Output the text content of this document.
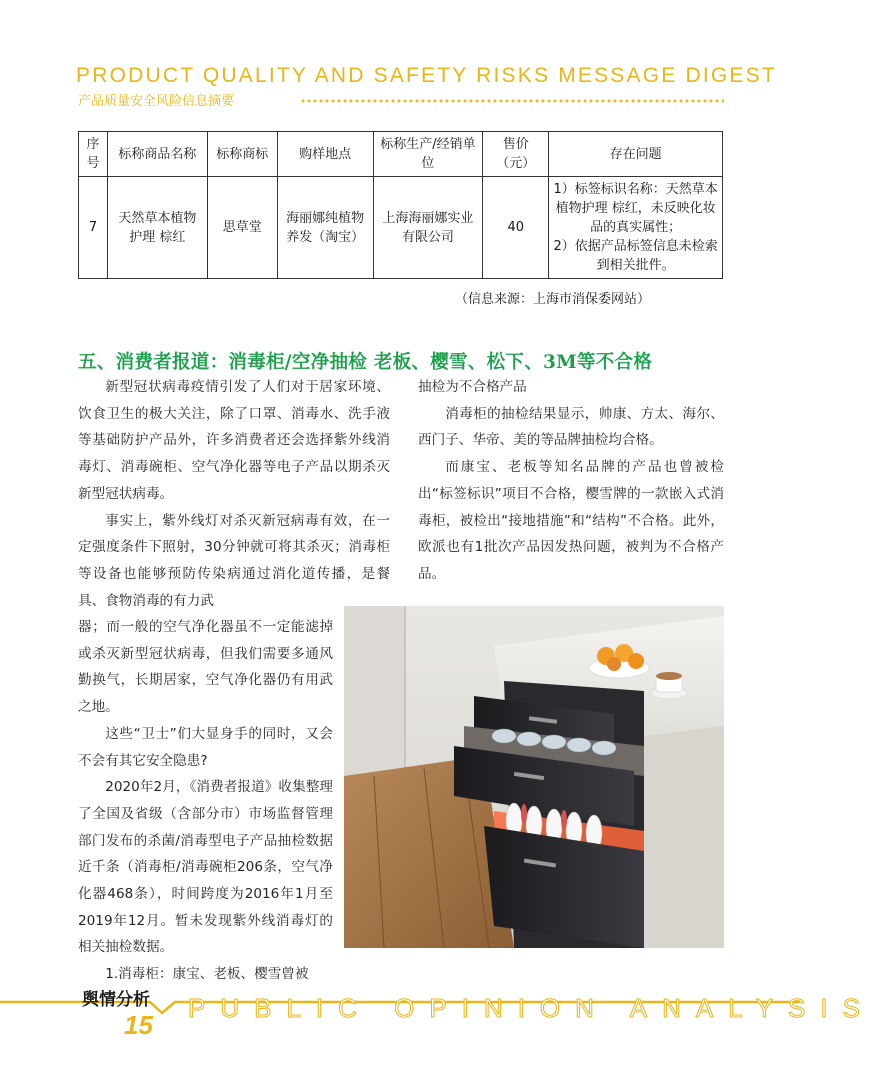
PRODUCT QUALITY AND SAFETY RISKS MESSAGE DIGEST
产品质量安全风险信息摘要
序号	标称商品名称	标称商标	购样地点	标称生产/经销单位	售价（元）	存在问题
7	天然草本植物护理 棕红	思草堂	海丽娜纯植物养发（淘宝）	上海海丽娜实业有限公司	40	1）标签标识名称：天然草本植物护理 棕红，未反映化妆品的真实属性；
2）依据产品标签信息未检索到相关批件。
（信息来源：上海市消保委网站）
五、消费者报道：消毒柜/空净抽检 老板、樱雪、松下、3M等不合格

新型冠状病毒疫情引发了人们对于居家环境、饮食卫生的极大关注，除了口罩、消毒水、洗手液等基础防护产品外，许多消费者还会选择紫外线消毒灯、消毒碗柜、空气净化器等电子产品以期杀灭新型冠状病毒。

事实上，紫外线灯对杀灭新冠病毒有效，在一定强度条件下照射，30分钟就可将其杀灭；消毒柜等设备也能够预防传染病通过消化道传播，是餐具、食物消毒的有力武

器；而一般的空气净化器虽不一定能滤掉或杀灭新型冠状病毒，但我们需要多通风勤换气，长期居家，空气净化器仍有用武之地。

这些“卫士”们大显身手的同时，又会不会有其它安全隐患?

2020年2月，《消费者报道》收集整理了全国及省级（含部分市）市场监督管理部门发布的杀菌/消毒型电子产品抽检数据近千条（消毒柜/消毒碗柜206条，空气净化器468条），时间跨度为2016年1月至2019年12月。暂未发现紫外线消毒灯的相关抽检数据。

1.消毒柜：康宝、老板、樱雪曾被

抽检为不合格产品

消毒柜的抽检结果显示，帅康、方太、海尔、西门子、华帝、美的等品牌抽检均合格。

而康宝、老板等知名品牌的产品也曾被检出“标签标识”项目不合格，樱雪牌的一款嵌入式消毒柜，被检出“接地措施”和“结构”不合格。此外，欧派也有1批次产品因发热问题，被判为不合格产品。

舆情分析 PUBLIC OPINION ANALYSIS
15
